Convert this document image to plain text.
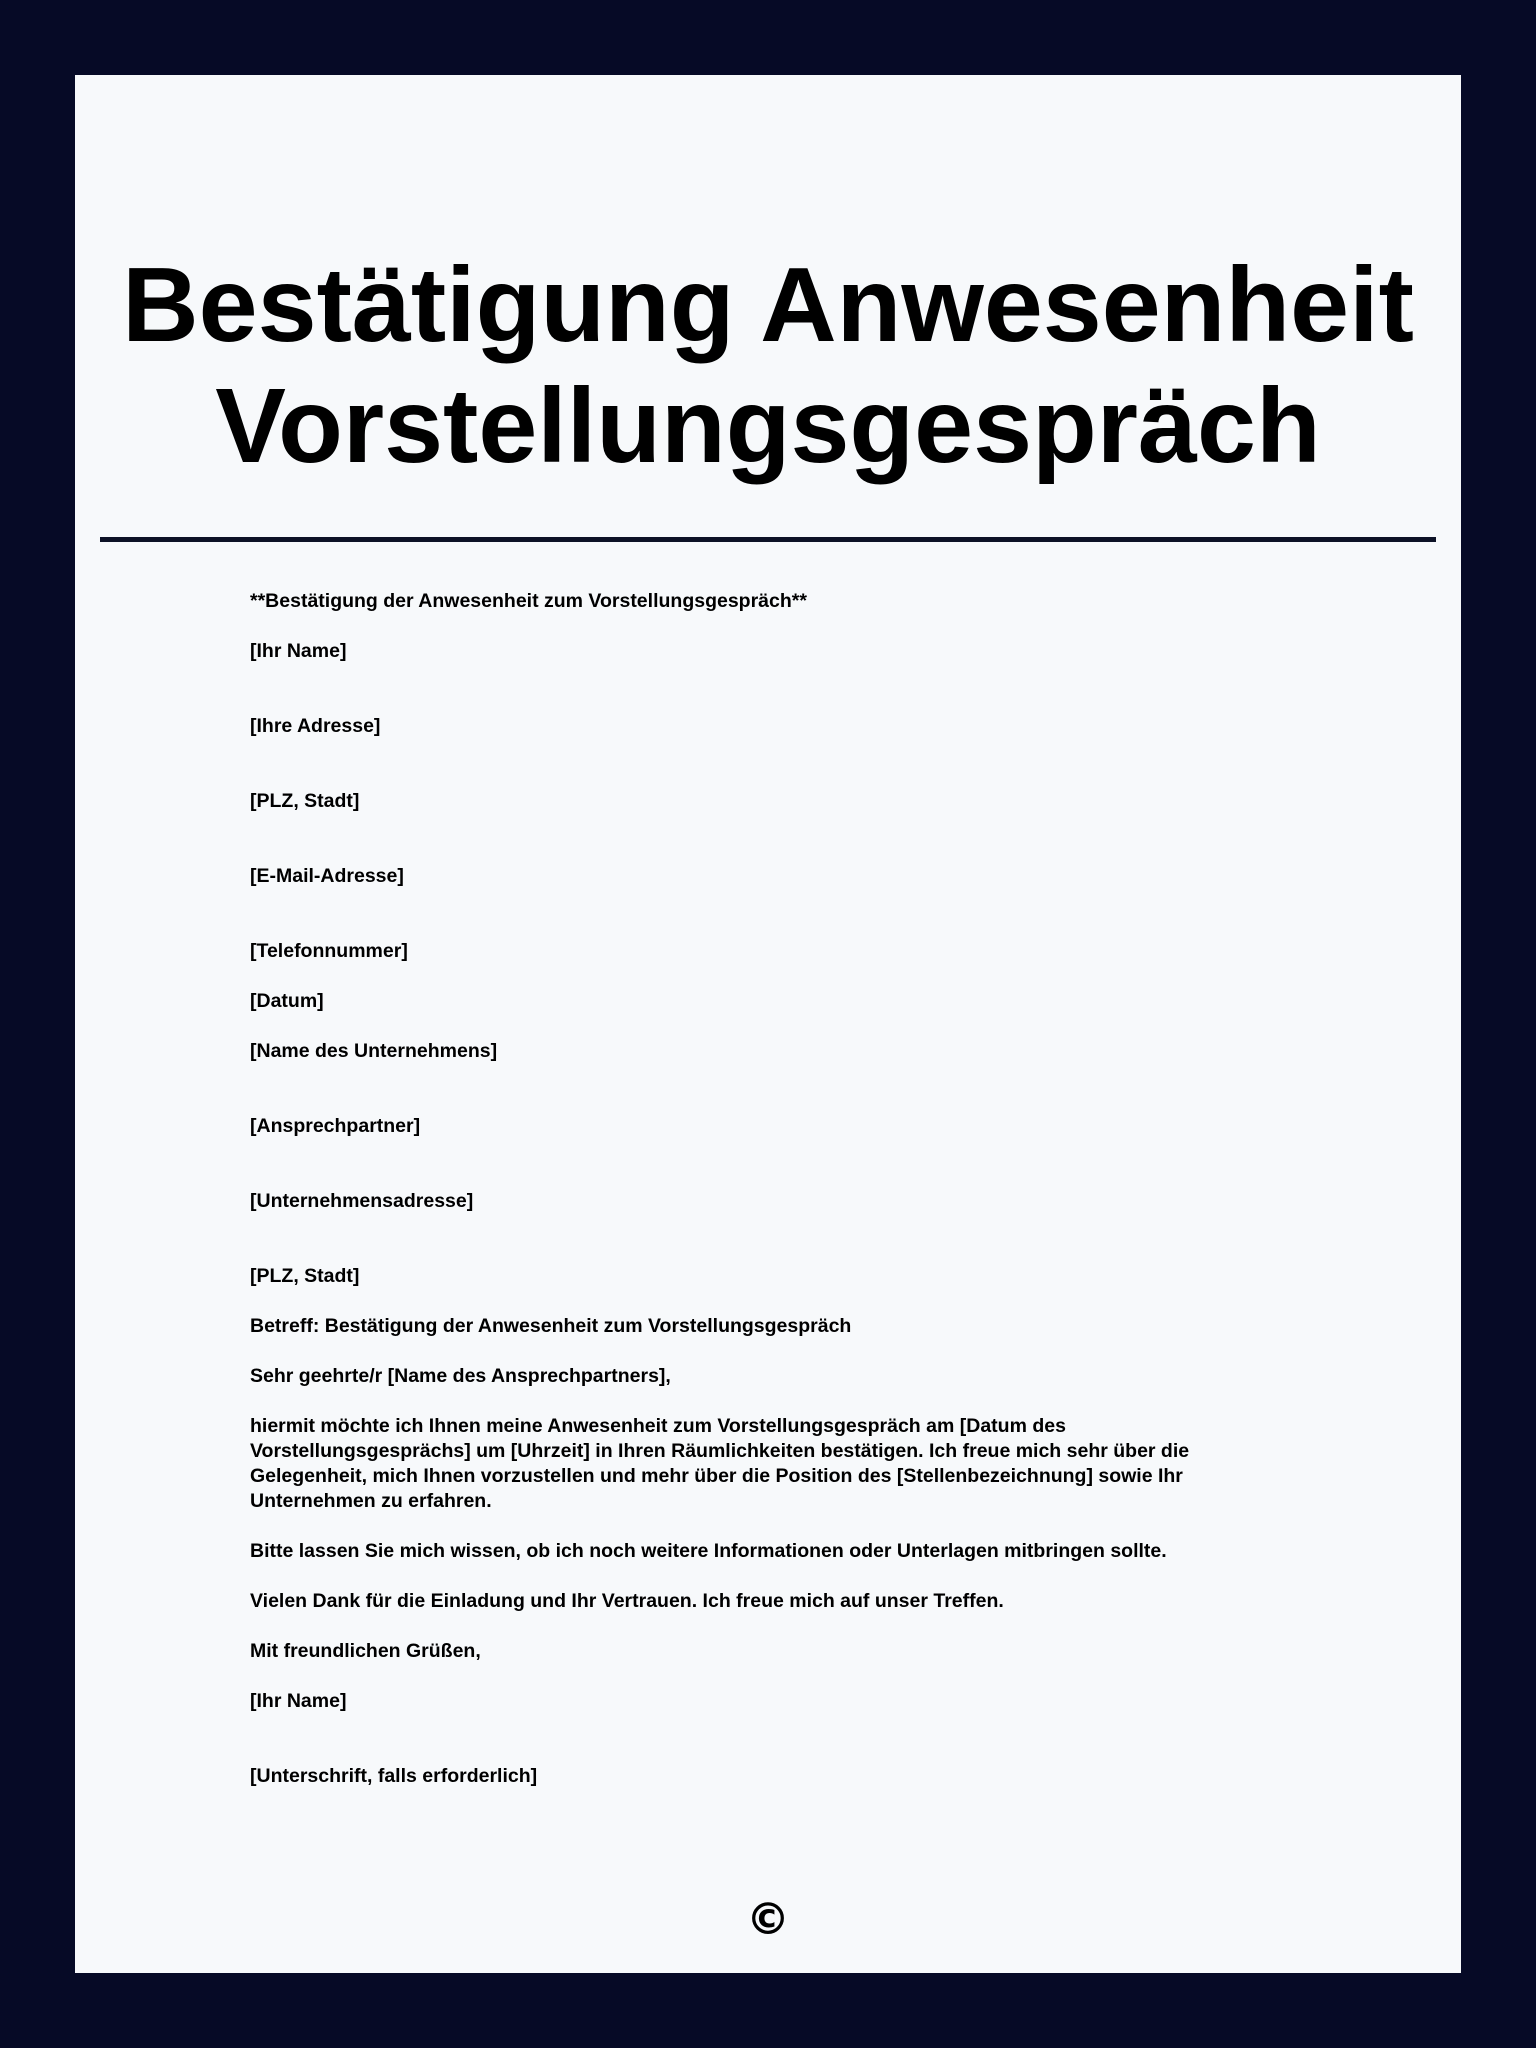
Bestätigung Anwesenheit
Vorstellungsgespräch

**Bestätigung der Anwesenheit zum Vorstellungsgespräch**

[Ihr Name]

[Ihre Adresse]

[PLZ, Stadt]

[E-Mail-Adresse]

[Telefonnummer]

[Datum]

[Name des Unternehmens]

[Ansprechpartner]

[Unternehmensadresse]

[PLZ, Stadt]

Betreff: Bestätigung der Anwesenheit zum Vorstellungsgespräch

Sehr geehrte/r [Name des Ansprechpartners],

hiermit möchte ich Ihnen meine Anwesenheit zum Vorstellungsgespräch am [Datum des Vorstellungsgesprächs] um [Uhrzeit] in Ihren Räumlichkeiten bestätigen. Ich freue mich sehr über die Gelegenheit, mich Ihnen vorzustellen und mehr über die Position des [Stellenbezeichnung] sowie Ihr Unternehmen zu erfahren.

Bitte lassen Sie mich wissen, ob ich noch weitere Informationen oder Unterlagen mitbringen sollte.

Vielen Dank für die Einladung und Ihr Vertrauen. Ich freue mich auf unser Treffen.

Mit freundlichen Grüßen,

[Ihr Name]

[Unterschrift, falls erforderlich]

©
